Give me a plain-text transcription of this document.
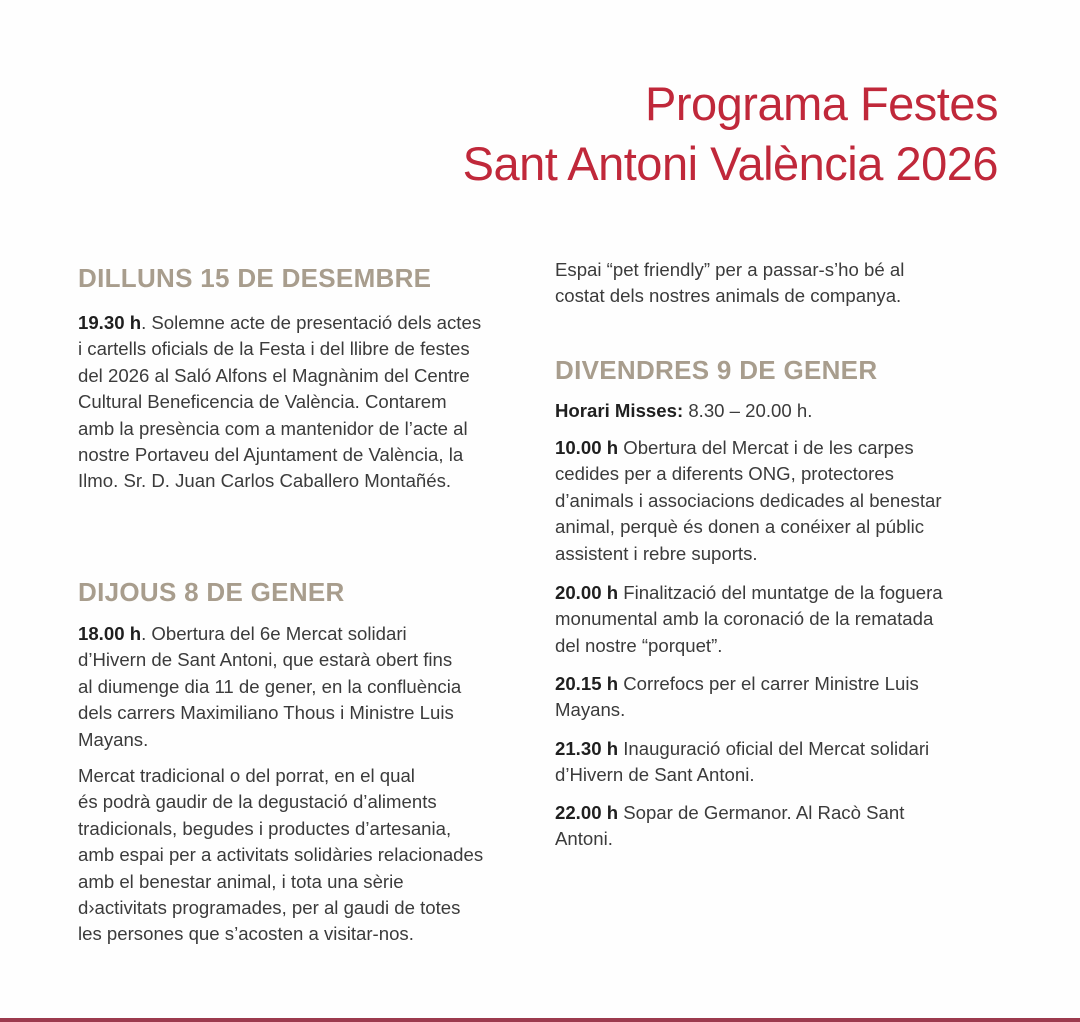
Programa Festes
Sant Antoni València 2026
DILLUNS 15 DE DESEMBRE

19.30 h. Solemne acte de presentació dels actes
i cartells oficials de la Festa i del llibre de festes
del 2026 al Saló Alfons el Magnànim del Centre
Cultural Beneficencia de València. Contarem
amb la presència com a mantenidor de l’acte al
nostre Portaveu del Ajuntament de València, la
Ilmo. Sr. D. Juan Carlos Caballero Montañés.

DIJOUS 8 DE GENER

18.00 h. Obertura del 6e Mercat solidari
d’Hivern de Sant Antoni, que estarà obert fins
al diumenge dia 11 de gener, en la confluència
dels carrers Maximiliano Thous i Ministre Luis
Mayans.

Mercat tradicional o del porrat, en el qual
és podrà gaudir de la degustació d’aliments
tradicionals, begudes i productes d’artesania,
amb espai per a activitats solidàries relacionades
amb el benestar animal, i tota una sèrie
d›activitats programades, per al gaudi de totes
les persones que s’acosten a visitar-nos.

Espai “pet friendly” per a passar-s’ho bé al
costat dels nostres animals de companya.

DIVENDRES 9 DE GENER

Horari Misses: 8.30 – 20.00 h.

10.00 h Obertura del Mercat i de les carpes
cedides per a diferents ONG, protectores
d’animals i associacions dedicades al benestar
animal, perquè és donen a conéixer al públic
assistent i rebre suports.

20.00 h Finalització del muntatge de la foguera
monumental amb la coronació de la rematada
del nostre “porquet”.

20.15 h Correfocs per el carrer Ministre Luis
Mayans.

21.30 h Inauguració oficial del Mercat solidari
d’Hivern de Sant Antoni.

22.00 h Sopar de Germanor. Al Racò Sant
Antoni.
